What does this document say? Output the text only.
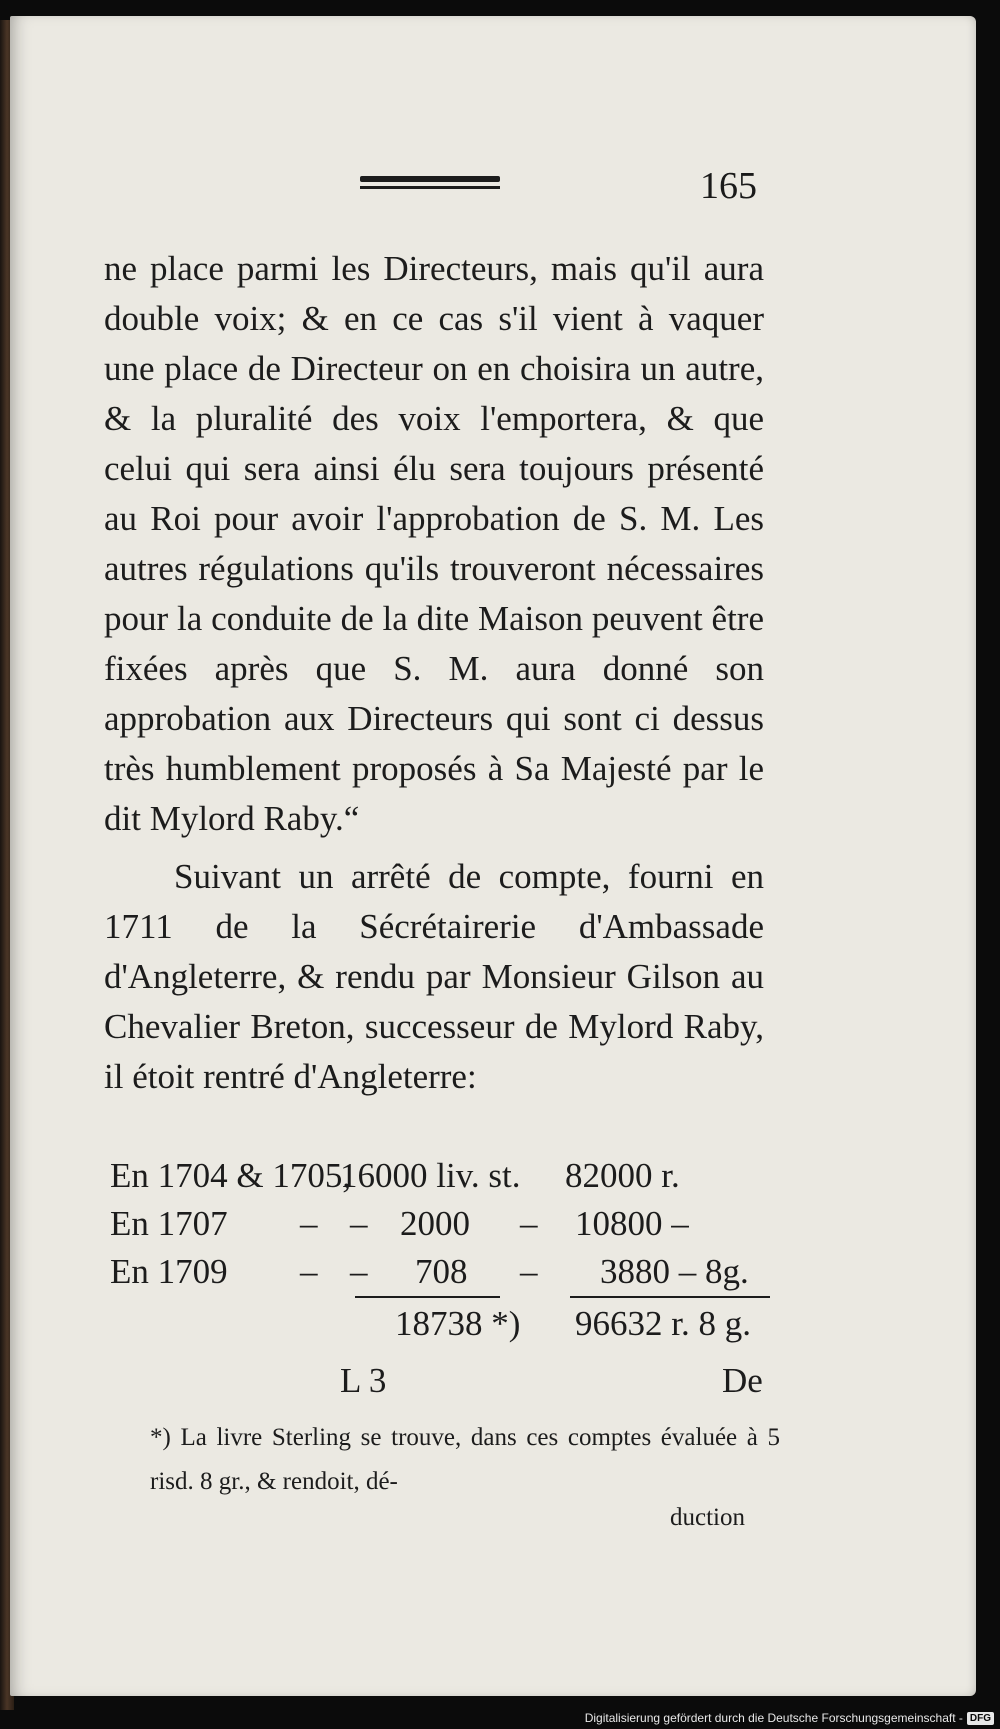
165

ne place parmi les Directeurs, mais qu'il aura double voix; & en ce cas s'il vient à vaquer une place de Directeur on en choisira un autre, & la pluralité des voix l'emportera, & que celui qui sera ainsi élu sera toujours présenté au Roi pour avoir l'approbation de S. M. Les autres régulations qu'ils trouveront nécessaires pour la conduite de la dite Maison peuvent être fixées après que S. M. aura donné son approbation aux Directeurs qui sont ci dessus très humblement proposés à Sa Majesté par le dit Mylord Raby.“

Suivant un arrêté de compte, fourni en 1711 de la Sécrétairerie d'Ambassade d'Angleterre, & rendu par Monsieur Gilson au Chevalier Breton, successeur de Mylord Raby, il étoit rentré d'Angleterre:

En 1704 & 1705,
16000 liv. st. 82000 r.
En 1707 – – 2000 – 10800 –
En 1709 – – 708 – 3880 – 8g.
18738 *) 96632 r. 8 g.
L 3	De
*) La livre Sterling se trouve, dans ces comptes évaluée à 5 risd. 8 gr., & rendoit, dé-
duction
Digitalisierung gefördert durch die Deutsche Forschungsgemeinschaft - DFG
